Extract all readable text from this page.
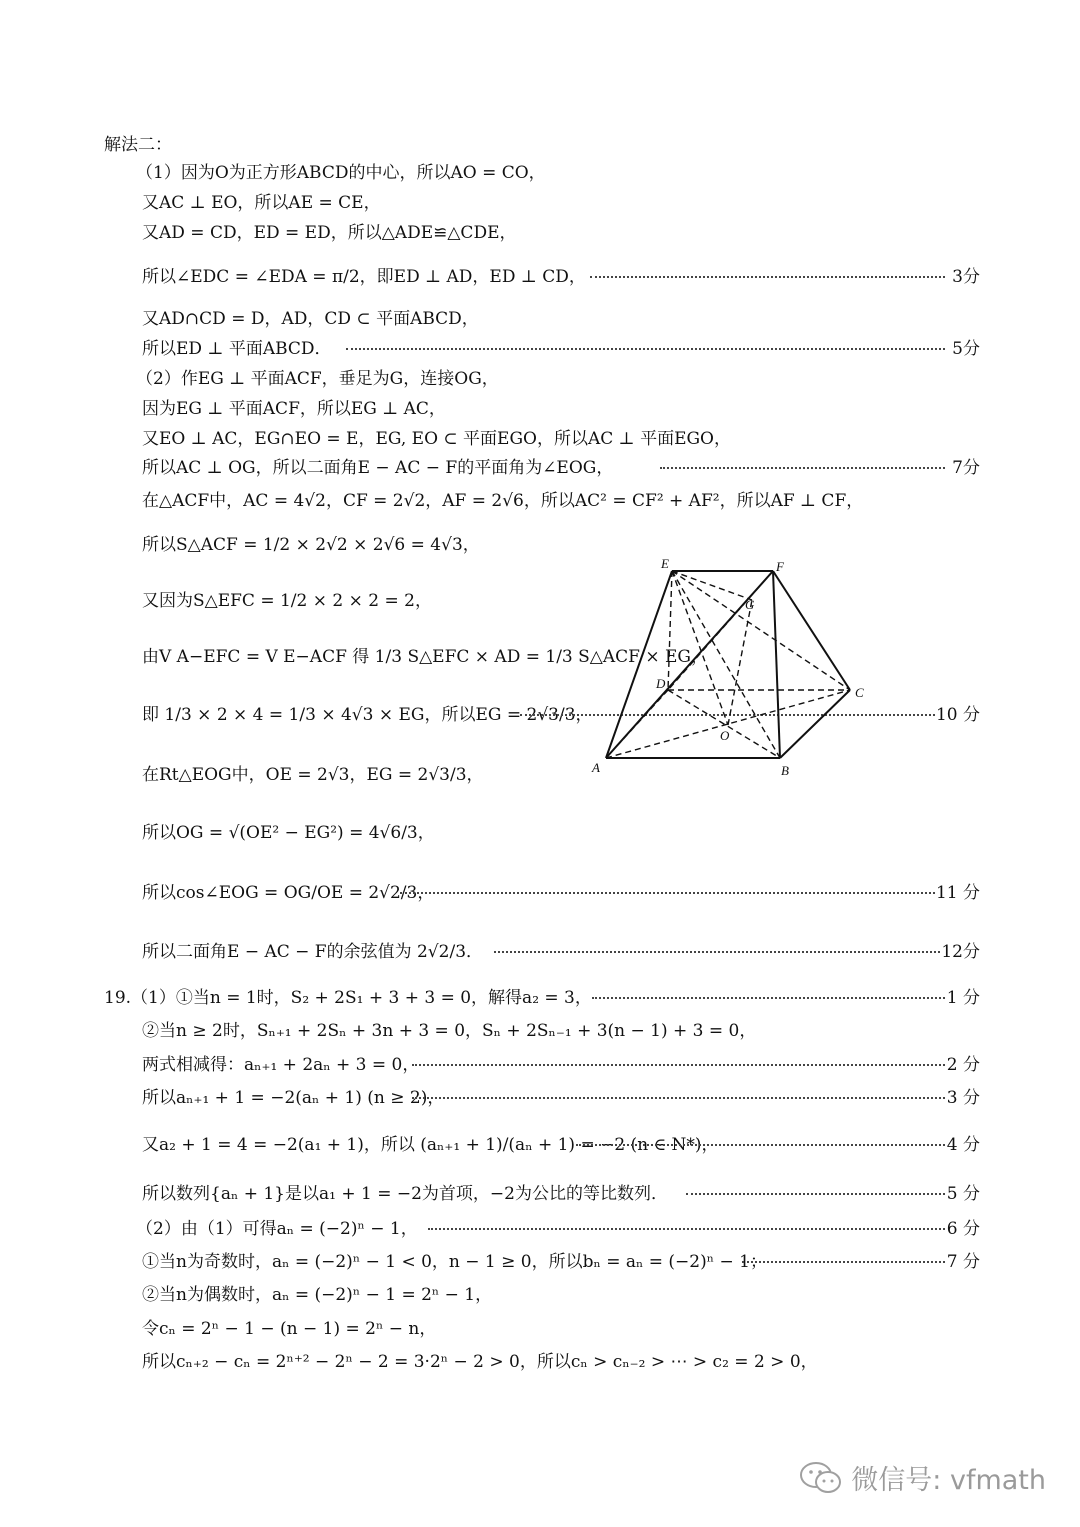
解法二：
（1）因为O为正方形ABCD的中心，所以AO = CO，
又AC ⊥ EO，所以AE = CE，
又AD = CD，ED = ED，所以△ADE≌△CDE，
所以∠EDC = ∠EDA = π/2，即ED ⊥ AD，ED ⊥ CD，	3分
又AD∩CD = D，AD，CD ⊂ 平面ABCD，
所以ED ⊥ 平面ABCD．	5分
（2）作EG ⊥ 平面ACF，垂足为G，连接OG，
因为EG ⊥ 平面ACF，所以EG ⊥ AC，
又EO ⊥ AC，EG∩EO = E，EG, EO ⊂ 平面EGO，所以AC ⊥ 平面EGO，
所以AC ⊥ OG，所以二面角E − AC − F的平面角为∠EOG，	7分
在△ACF中，AC = 4√2，CF = 2√2，AF = 2√6，所以AC² = CF² + AF²，所以AF ⊥ CF，
所以S△ACF = 1/2 × 2√2 × 2√6 = 4√3，
又因为S△EFC = 1/2 × 2 × 2 = 2，
由V A−EFC = V E−ACF 得 1/3 S△EFC × AD = 1/3 S△ACF × EG，
即 1/3 × 2 × 4 = 1/3 × 4√3 × EG，所以EG = 2√3/3，	10 分
在Rt△EOG中，OE = 2√3，EG = 2√3/3，
所以OG = √(OE² − EG²) = 4√6/3，
所以cos∠EOG = OG/OE = 2√2/3，	11 分
所以二面角E − AC − F的余弦值为 2√2/3．	12分
19.（1）①当n = 1时，S₂ + 2S₁ + 3 + 3 = 0，解得a₂ = 3，	1 分
②当n ≥ 2时，Sₙ₊₁ + 2Sₙ + 3n + 3 = 0，Sₙ + 2Sₙ₋₁ + 3(n − 1) + 3 = 0，
两式相减得：aₙ₊₁ + 2aₙ + 3 = 0，	2 分
所以aₙ₊₁ + 1 = −2(aₙ + 1) (n ≥ 2)，	3 分
又a₂ + 1 = 4 = −2(a₁ + 1)，所以 (aₙ₊₁ + 1)/(aₙ + 1) = −2 (n ∈ N*)，	4 分
所以数列{aₙ + 1}是以a₁ + 1 = −2为首项，−2为公比的等比数列．	5 分
（2）由（1）可得aₙ = (−2)ⁿ − 1，	6 分
①当n为奇数时，aₙ = (−2)ⁿ − 1 < 0，n − 1 ≥ 0，所以bₙ = aₙ = (−2)ⁿ − 1；	7 分
②当n为偶数时，aₙ = (−2)ⁿ − 1 = 2ⁿ − 1，
令cₙ = 2ⁿ − 1 − (n − 1) = 2ⁿ − n，
所以cₙ₊₂ − cₙ = 2ⁿ⁺² − 2ⁿ − 2 = 3·2ⁿ − 2 > 0，所以cₙ > cₙ₋₂ > ⋯ > c₂ = 2 > 0，
E	F
G
D
C
O
A	B
微信号: vfmath
